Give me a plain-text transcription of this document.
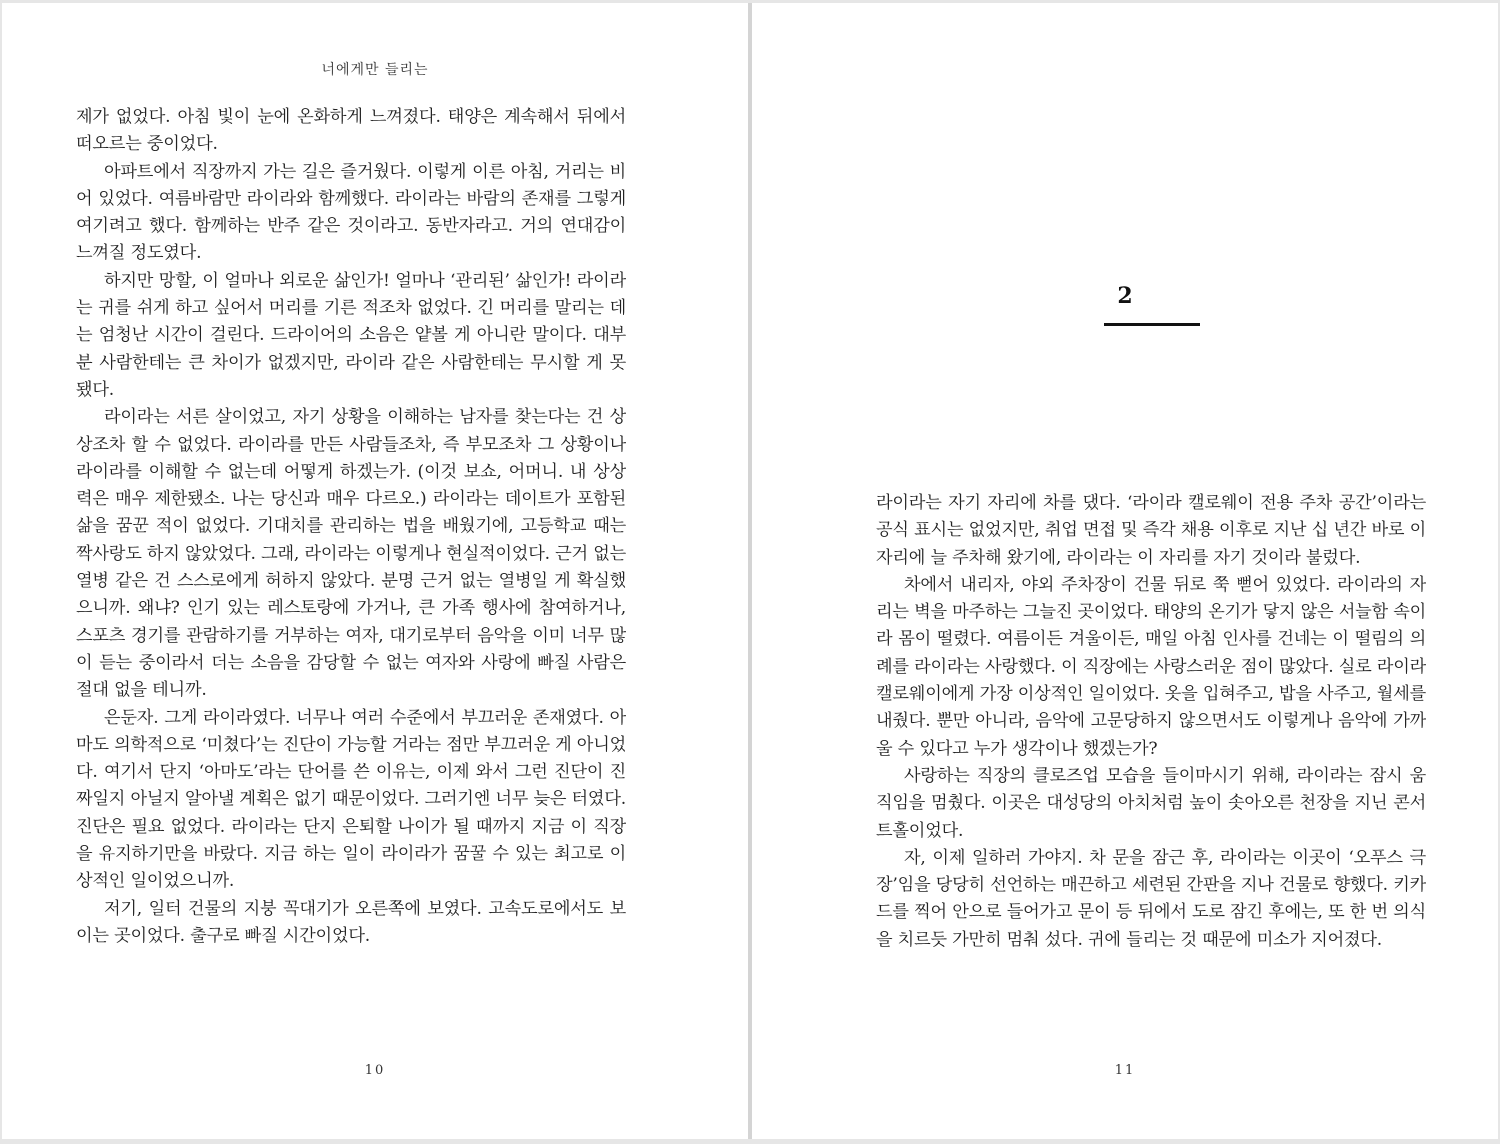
너에게만 들리는

제가 없었다. 아침 빛이 눈에 온화하게 느껴졌다. 태양은 계속해서 뒤에서 떠오르는 중이었다.

아파트에서 직장까지 가는 길은 즐거웠다. 이렇게 이른 아침, 거리는 비어 있었다. 여름바람만 라이라와 함께했다. 라이라는 바람의 존재를 그렇게 여기려고 했다. 함께하는 반주 같은 것이라고. 동반자라고. 거의 연대감이 느껴질 정도였다.

하지만 망할, 이 얼마나 외로운 삶인가! 얼마나 ‘관리된’ 삶인가! 라이라는 귀를 쉬게 하고 싶어서 머리를 기른 적조차 없었다. 긴 머리를 말리는 데는 엄청난 시간이 걸린다. 드라이어의 소음은 얕볼 게 아니란 말이다. 대부분 사람한테는 큰 차이가 없겠지만, 라이라 같은 사람한테는 무시할 게 못 됐다.

라이라는 서른 살이었고, 자기 상황을 이해하는 남자를 찾는다는 건 상상조차 할 수 없었다. 라이라를 만든 사람들조차, 즉 부모조차 그 상황이나 라이라를 이해할 수 없는데 어떻게 하겠는가. (이것 보쇼, 어머니. 내 상상력은 매우 제한됐소. 나는 당신과 매우 다르오.) 라이라는 데이트가 포함된 삶을 꿈꾼 적이 없었다. 기대치를 관리하는 법을 배웠기에, 고등학교 때는 짝사랑도 하지 않았었다. 그래, 라이라는 이렇게나 현실적이었다. 근거 없는 열병 같은 건 스스로에게 허하지 않았다. 분명 근거 없는 열병일 게 확실했으니까. 왜냐? 인기 있는 레스토랑에 가거나, 큰 가족 행사에 참여하거나, 스포츠 경기를 관람하기를 거부하는 여자, 대기로부터 음악을 이미 너무 많이 듣는 중이라서 더는 소음을 감당할 수 없는 여자와 사랑에 빠질 사람은 절대 없을 테니까.

은둔자. 그게 라이라였다. 너무나 여러 수준에서 부끄러운 존재였다. 아마도 의학적으로 ‘미쳤다’는 진단이 가능할 거라는 점만 부끄러운 게 아니었다. 여기서 단지 ‘아마도’라는 단어를 쓴 이유는, 이제 와서 그런 진단이 진짜일지 아닐지 알아낼 계획은 없기 때문이었다. 그러기엔 너무 늦은 터였다. 진단은 필요 없었다. 라이라는 단지 은퇴할 나이가 될 때까지 지금 이 직장을 유지하기만을 바랐다. 지금 하는 일이 라이라가 꿈꿀 수 있는 최고로 이상적인 일이었으니까.

저기, 일터 건물의 지붕 꼭대기가 오른쪽에 보였다. 고속도로에서도 보이는 곳이었다. 출구로 빠질 시간이었다.

10
2

라이라는 자기 자리에 차를 댔다. ‘라이라 캘로웨이 전용 주차 공간’이라는 공식 표시는 없었지만, 취업 면접 및 즉각 채용 이후로 지난 십 년간 바로 이 자리에 늘 주차해 왔기에, 라이라는 이 자리를 자기 것이라 불렀다.

차에서 내리자, 야외 주차장이 건물 뒤로 쭉 뻗어 있었다. 라이라의 자리는 벽을 마주하는 그늘진 곳이었다. 태양의 온기가 닿지 않은 서늘함 속이라 몸이 떨렸다. 여름이든 겨울이든, 매일 아침 인사를 건네는 이 떨림의 의례를 라이라는 사랑했다. 이 직장에는 사랑스러운 점이 많았다. 실로 라이라 캘로웨이에게 가장 이상적인 일이었다. 옷을 입혀주고, 밥을 사주고, 월세를 내줬다. 뿐만 아니라, 음악에 고문당하지 않으면서도 이렇게나 음악에 가까울 수 있다고 누가 생각이나 했겠는가?

사랑하는 직장의 클로즈업 모습을 들이마시기 위해, 라이라는 잠시 움직임을 멈췄다. 이곳은 대성당의 아치처럼 높이 솟아오른 천장을 지닌 콘서트홀이었다.

자, 이제 일하러 가야지. 차 문을 잠근 후, 라이라는 이곳이 ‘오푸스 극장’임을 당당히 선언하는 매끈하고 세련된 간판을 지나 건물로 향했다. 키카드를 찍어 안으로 들어가고 문이 등 뒤에서 도로 잠긴 후에는, 또 한 번 의식을 치르듯 가만히 멈춰 섰다. 귀에 들리는 것 때문에 미소가 지어졌다.

11
